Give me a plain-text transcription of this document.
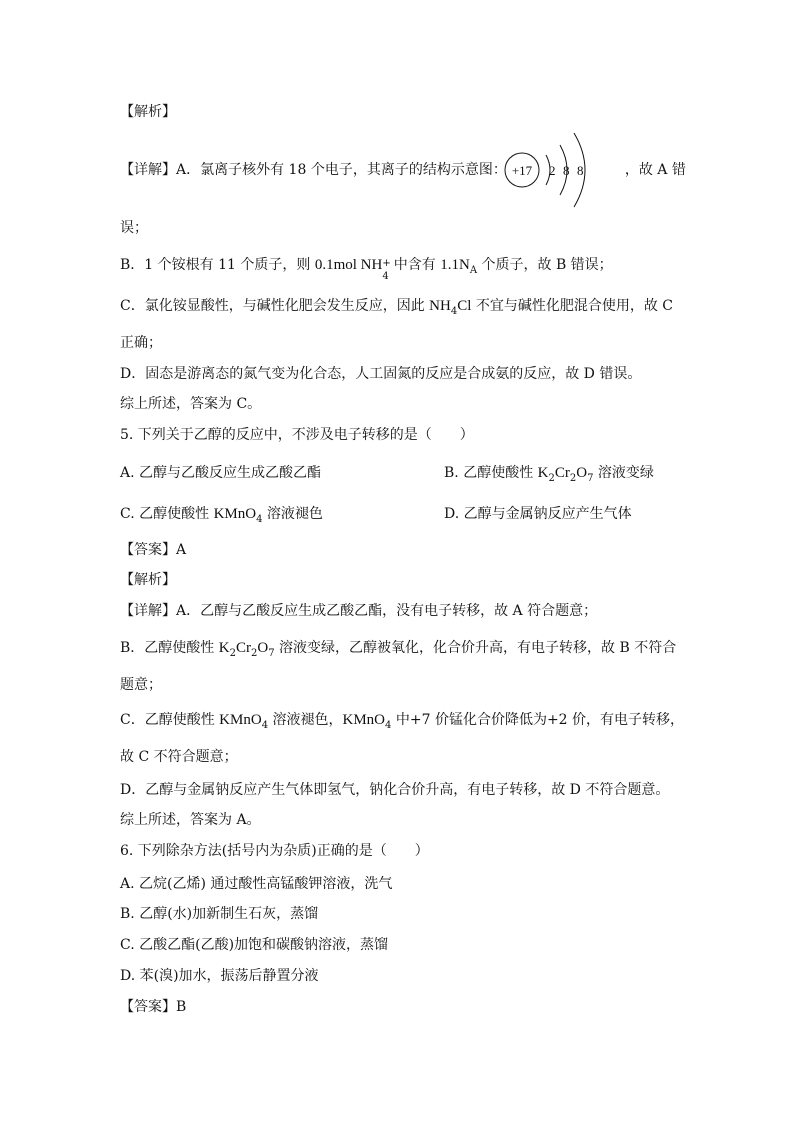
【解析】
【详解】A．氯离子核外有 18 个电子，其离子的结构示意图：	，故 A 错
+17 2 8 8
误；
B．1 个铵根有 11 个质子，则 0.1mol NH +
4
中含有 $1.1N_A$ 个质子，故 B 错误；
C．氯化铵显酸性，与碱性化肥会发生反应，因此 $NH_4Cl$ 不宜与碱性化肥混合使用，故 C
正确；
D．固态是游离态的氮气变为化合态，人工固氮的反应是合成氨的反应，故 D 错误。
综上所述，答案为 C。
5. 下列关于乙醇的反应中，不涉及电子转移的是（　　）
A. 乙醇与乙酸反应生成乙酸乙酯	B. 乙醇使酸性 $K_2Cr_2O_7$ 溶液变绿
C. 乙醇使酸性 KMnO$_4$ 溶液褪色	D. 乙醇与金属钠反应产生气体
【答案】A
【解析】
【详解】A．乙醇与乙酸反应生成乙酸乙酯，没有电子转移，故 A 符合题意；
B．乙醇使酸性 $K_2Cr_2O_7$ 溶液变绿，乙醇被氧化，化合价升高，有电子转移，故 B 不符合
题意；
C．乙醇使酸性 KMnO$_4$ 溶液褪色，KMnO$_4$ 中+7 价锰化合价降低为+2 价，有电子转移，
故 C 不符合题意；
D．乙醇与金属钠反应产生气体即氢气，钠化合价升高，有电子转移，故 D 不符合题意。
综上所述，答案为 A。
6. 下列除杂方法(括号内为杂质)正确的是（　　）
A. 乙烷(乙烯) 通过酸性高锰酸钾溶液，洗气
B. 乙醇(水)加新制生石灰，蒸馏
C. 乙酸乙酯(乙酸)加饱和碳酸钠溶液，蒸馏
D. 苯(溴)加水，振荡后静置分液
【答案】B
